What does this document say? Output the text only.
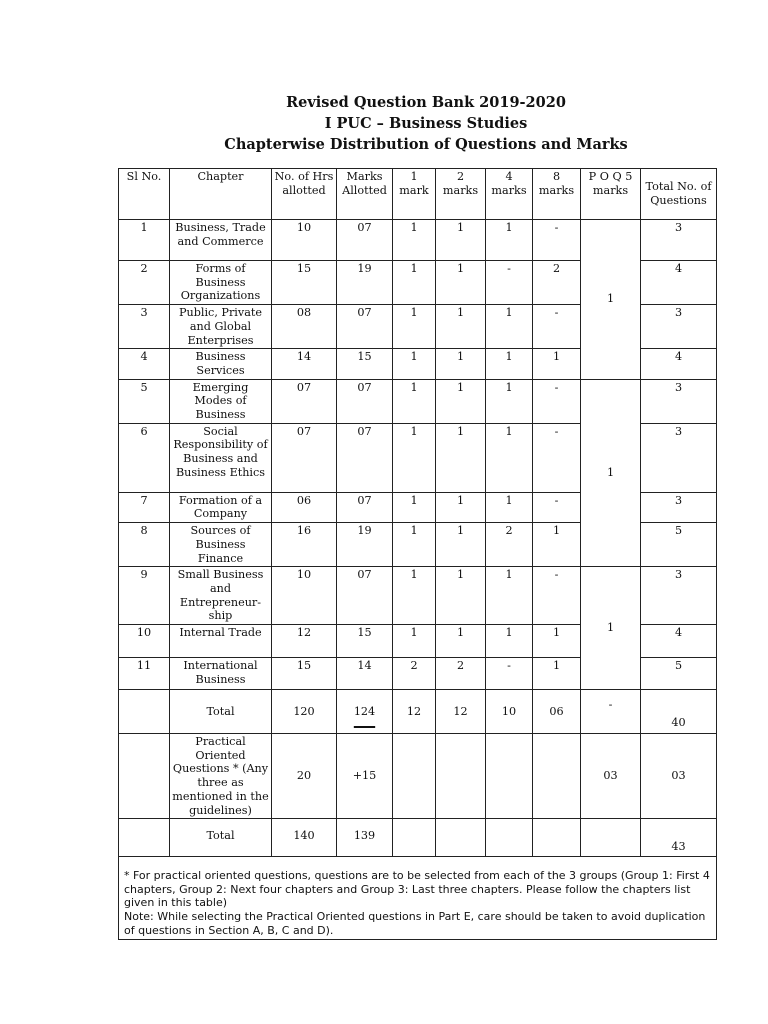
Revised Question Bank 2019-2020
I PUC – Business Studies
Chapterwise Distribution of Questions and Marks
Sl No.	Chapter	No. of Hrs allotted	Marks Allotted	1 mark	2 marks	4 marks	8 marks	P O Q 5 marks	Total No. of Questions
1	Business, Trade and Commerce	10	07	1	1	1	-	1	3
2	Forms of Business Organizations	15	19	1	1	-	2		4
3	Public, Private and Global Enterprises	08	07	1	1	1	-		3
4	Business Services	14	15	1	1	1	1		4
5	Emerging Modes of Business	07	07	1	1	1	-	1	3
6	Social Responsibility of Business and Business Ethics	07	07	1	1	1	-		3
7	Formation of a Company	06	07	1	1	1	-		3
8	Sources of Business Finance	16	19	1	1	2	1		5
9	Small Business and Entrepreneur-ship	10	07	1	1	1	-	1	3
10	Internal Trade	12	15	1	1	1	1		4
11	International Business	15	14	2	2	-	1		5
	Total	120	124	12	12	10	06	-	40
	Practical Oriented Questions * (Any three as mentioned in the guidelines)	20	+15					03	03
	Total	140	139						43

* For practical oriented questions, questions are to be selected from each of the 3 groups (Group 1: First 4 chapters, Group 2: Next four chapters and Group 3: Last three chapters. Please follow the chapters list given in this table)
Note: While selecting the Practical Oriented questions in Part E, care should be taken to avoid duplication of questions in Section A, B, C and D).									
